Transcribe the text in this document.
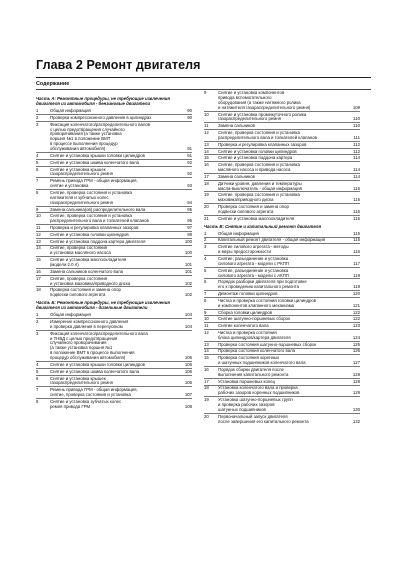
Глава 2 Ремонт двигателя
Содержание
Часть А: Ремонтные процедуры, не требующие извлечения двигателя из автомобиля - бензиновые двигатели
1	Общая информация	90
2	Проверка компрессионного давления в цилиндрах	90
3	Фиксация коленчатого/распределительного валов
с целью предотвращения случайного
проворачивания (а также установка
поршня №1 в положение ВМТ
в процессе выполнения процедур
обслуживания автомобиля)	91
4	Снятие и установка крышки головки цилиндров	91
5	Снятие и установка шкива коленчатого вала	92
6	Снятие и установка крышек
газораспределительного ремня	92
7	Ремень привода ГРМ - общая информация,
снятие и установка	93
8	Снятие, проверка состояния и установка
натяжителя и зубчатых колес
газораспределительного ремня	94
9	Замена сальника(ов) распределительного вала	95
10	Снятие, проверка состояния и установка
распределительного вала и толкателей клапанов	95
11	Проверка и регулировка клапанных зазоров	97
12	Снятие и установка головки цилиндров	98
13	Снятие и установка поддона картера двигателя	100
14	Снятие, проверка состояния
и установка масляного насоса	100
15	Снятие и установка маслоохладителя
(модели 2.0 л)	101
16	Замена сальников коленчатого вала	101
17	Снятие, проверка состояния
и установка маховика/приводного диска	102
18	Проверка состояния и замена опор
подвески силового агрегата	102
Часть Б: Ремонтные процедуры, не требующие извлечения двигателя из автомобиля - дизельные двигатели
1	Общая информация	104
2	Измерение компрессионного давления
и проверка давления в перепускном	104
3	Фиксация коленчатого/распределительного вала
и ТНВД с целью предотвращения
случайного проворачивания
(а также установка поршня №1
в положение ВМТ в процессе выполнения
процедур обслуживания автомобиля)	105
4	Снятие и установка крышки головки цилиндров	106
5	Снятие и установка шкива коленчатого вала	106
6	Снятие и установка крышек
газораспределительного ремня	106
7	Ремень привода ГРМ - общая информация,
снятие, проверка состояния и установка	107
8	Снятие и установка зубчатых колес
ремня привода ГРМ	108
9	Снятие и установка компонентов
привода вспомогательного
оборудования (а также натяжного ролика
и натяжителя газораспределительного ремня)	109
10	Снятие и установка промежуточного ролика
газораспределительного ремня	110
11	Замена сальников	110
12	Снятие, проверка состояния и установка
распределительного вала и толкателей клапанов	111
13	Проверка и регулировка клапанных зазоров	112
14	Снятие и установка головки цилиндров	112
15	Снятие и установка поддона картера	114
16	Снятие, проверка состояния и установка
масляного насоса и привода насоса	114
17	Замена сальников	114
18	Датчики уровня, давления и температуры
масла-выключатель - общая информация	115
19	Снятие, проверка состояния и установка
маховика/приводного диска	115
20	Проверка состояния и замена опор
подвески силового агрегата	115
21	Снятие и установка маслоохладителя	115
Часть В: Снятие и капитальный ремонт двигателя
1	Общая информация	115
2	Капитальный ремонт двигателя - общая информация	115
3	Снятие силового агрегата - методы
и меры предосторожности	116
4	Снятие, разъединение и установка
силового агрегата - модели с РКПП	117
5	Снятие, разъединение и установка
силового агрегата - модели с АКПП	119
6	Порядок разборки двигателя при подготовке
его к проведению капитального ремонта	119
7	Демонтаж головки цилиндров	120
8	Чистка и проверка состояния головки цилиндров
и компонентов клапанного механизма	121
9	Сборка головки цилиндров	122
10	Снятие шатунно-поршневых сборок	122
11	Снятие коленчатого вала	123
12	Чистка и проверка состояния
блока цилиндров/картера двигателя	124
13	Проверка состояния шатунно-поршневых сборок	125
14	Проверка состояния коленчатого вала	126
15	Проверка состояния коренных
и шатунных подшипников коленчатого вала	127
16	Порядок сборки двигателя после
выполнения капитального ремонта	128
17	Установка поршневых колец	128
18	Установка коленчатого вала и проверка
рабочих зазоров коренных подшипников	129
19	Установка шатунно-поршневых групп
и проверка рабочих зазоров
шатунных подшипников	130
20	Первоначальный запуск двигателя
после завершения его капитального ремонта	132
